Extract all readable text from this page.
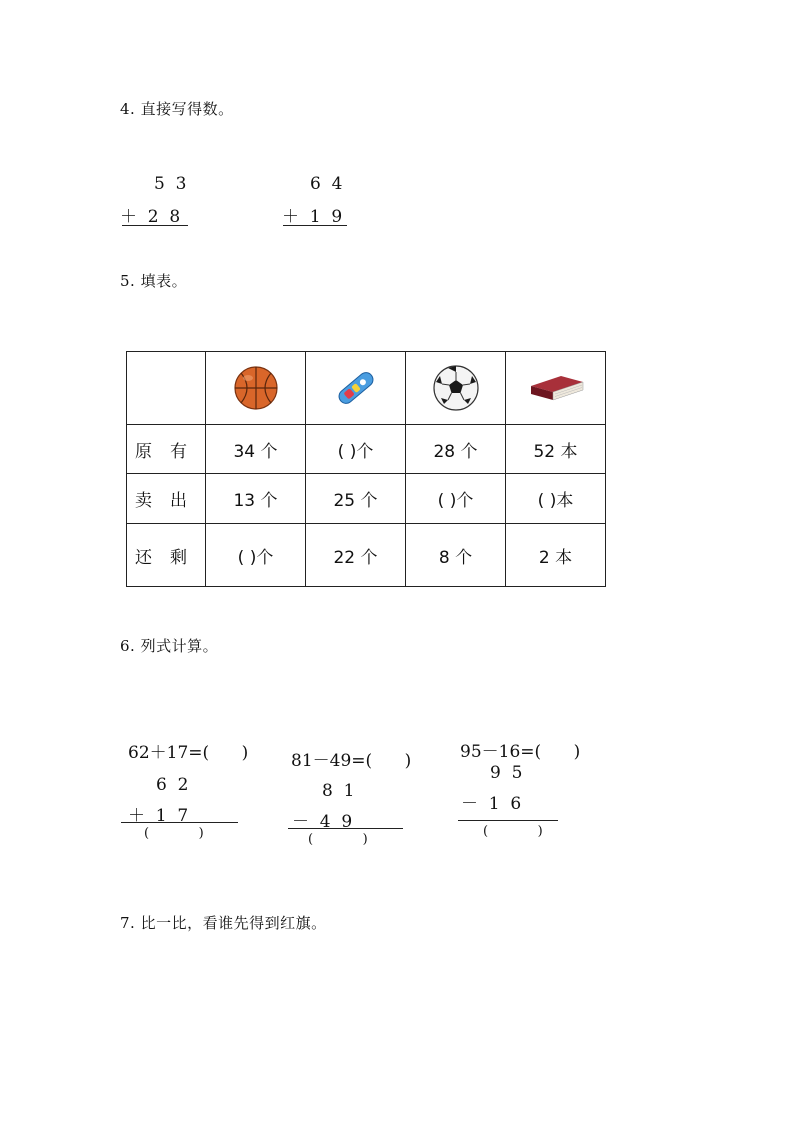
4. 直接写得数。
5  3
＋  2  8
6  4
＋  1  9
5. 填表。

原有	34 个	( )个	28 个	52 本
卖出	13 个	25 个	( )个	( )本
还剩	( )个	22 个	8 个	2 本
6. 列式计算。
62＋17=(      )
6  2
＋  1  7
(            )
81－49=(      )
8  1
－  4  9
(            )
95－16=(      )
9  5
－  1  6
(            )
7. 比一比，看谁先得到红旗。
